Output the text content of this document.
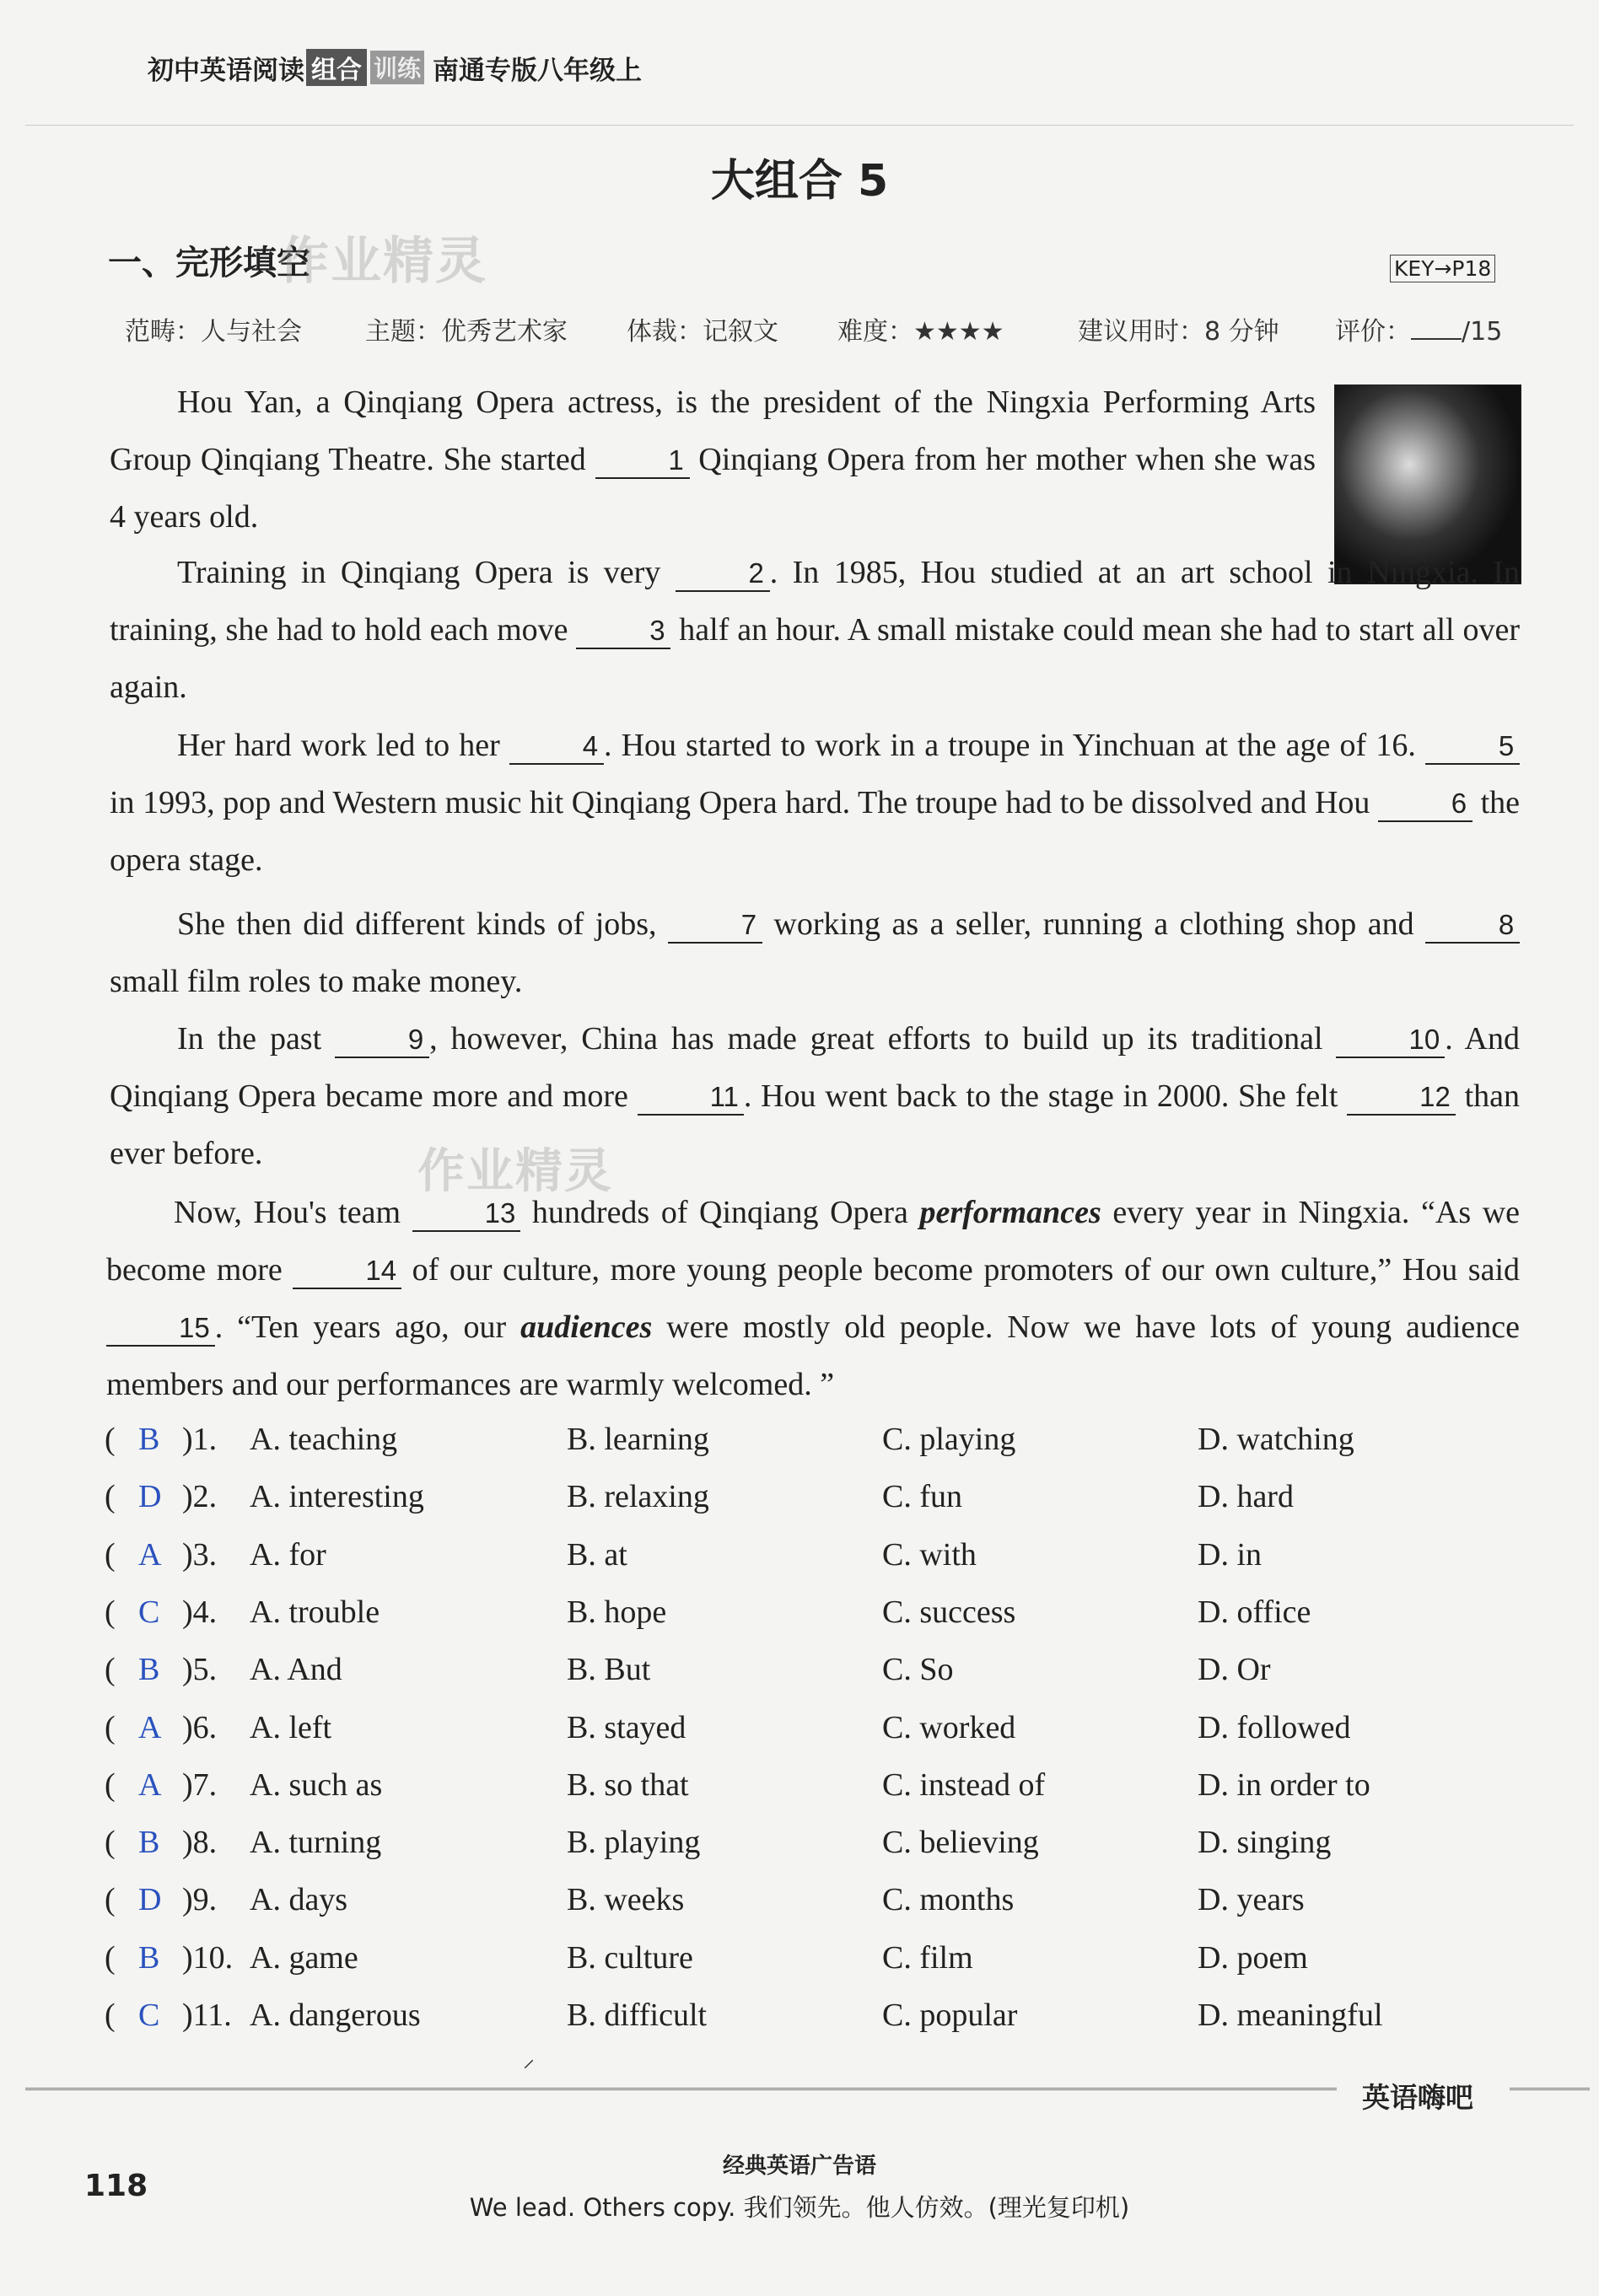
初中英语阅读 组合 训练 南通专版八年级上
大组合 5
一、完形填空
作业精灵	KEY→P18
范畴：人与社会	主题：优秀艺术家	体裁：记叙文	难度：★★★★	建议用时：8 分钟	评价： /15
Hou Yan, a Qinqiang Opera actress, is the president of the Ningxia Performing Arts Group Qinqiang Theatre. She started	1 Qinqiang Opera from her mother when she was 4 years old.
Training in Qinqiang Opera is very	2 . In 1985, Hou studied at an art school in Ningxia. In training, she had to hold each move	3 half an hour. A small mistake could mean she had to start all over again.
Her hard work led to her	4 . Hou started to work in a troupe in Yinchuan at the age of 16.	5 in 1993, pop and Western music hit Qinqiang Opera hard. The troupe had to be dissolved and Hou	6 the opera stage.
She then did different kinds of jobs,	7 working as a seller, running a clothing shop and	8 small film roles to make money.
In the past	9 , however, China has made great efforts to build up its traditional	10 . And Qinqiang Opera became more and more	11 . Hou went back to the stage in 2000. She felt	12 than ever before.	作业精灵
Now, Hou's team	13 hundreds of Qinqiang Opera performances every year in Ningxia. “As we become more	14 of our culture, more young people become promoters of our own culture,” Hou said 15 . “Ten years ago, our audiences were mostly old people. Now we have lots of young audience members and our performances are warmly welcomed. ”
( B )1. A. teaching	B. learning	C. playing	D. watching
( D )2. A. interesting	B. relaxing	C. fun	D. hard
( A )3. A. for	B. at	C. with	D. in
( C )4. A. trouble	B. hope	C. success	D. office
( B )5. A. And	B. But	C. So	D. Or
( A )6. A. left	B. stayed	C. worked	D. followed
( A )7. A. such as	B. so that	C. instead of	D. in order to
( B )8. A. turning	B. playing	C. believing	D. singing
( D )9. A. days	B. weeks	C. months	D. years
( B )10. A. game	B. culture	C. film	D. poem
( C )11. A. dangerous	B. difficult	C. popular	D. meaningful
⸝
英语嗨吧
118
经典英语广告语
We lead. Others copy. 我们领先。他人仿效。(理光复印机)
